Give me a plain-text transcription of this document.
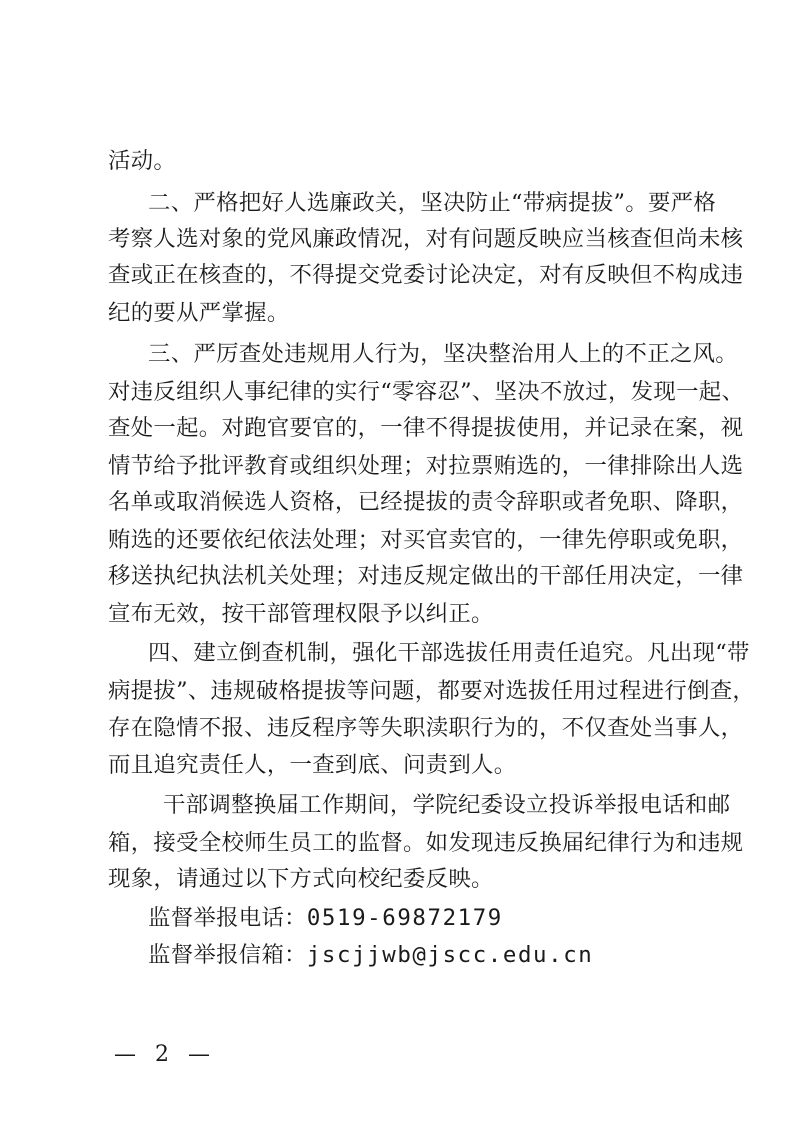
活动。
二、严格把好人选廉政关，坚决防止“带病提拔”。要严格
考察人选对象的党风廉政情况，对有问题反映应当核查但尚未核
查或正在核查的，不得提交党委讨论决定，对有反映但不构成违
纪的要从严掌握。
三、严厉查处违规用人行为，坚决整治用人上的不正之风。
对违反组织人事纪律的实行“零容忍”、坚决不放过，发现一起、
查处一起。对跑官要官的，一律不得提拔使用，并记录在案，视
情节给予批评教育或组织处理；对拉票贿选的，一律排除出人选
名单或取消候选人资格，已经提拔的责令辞职或者免职、降职，
贿选的还要依纪依法处理；对买官卖官的，一律先停职或免职，
移送执纪执法机关处理；对违反规定做出的干部任用决定，一律
宣布无效，按干部管理权限予以纠正。
四、建立倒查机制，强化干部选拔任用责任追究。凡出现“带
病提拔”、违规破格提拔等问题，都要对选拔任用过程进行倒查，
存在隐情不报、违反程序等失职渎职行为的，不仅查处当事人，
而且追究责任人，一查到底、问责到人。
干部调整换届工作期间，学院纪委设立投诉举报电话和邮
箱，接受全校师生员工的监督。如发现违反换届纪律行为和违规
现象，请通过以下方式向校纪委反映。
监督举报电话：0519-69872179
监督举报信箱：jscjjwb@jscc.edu.cn
— 2 —
